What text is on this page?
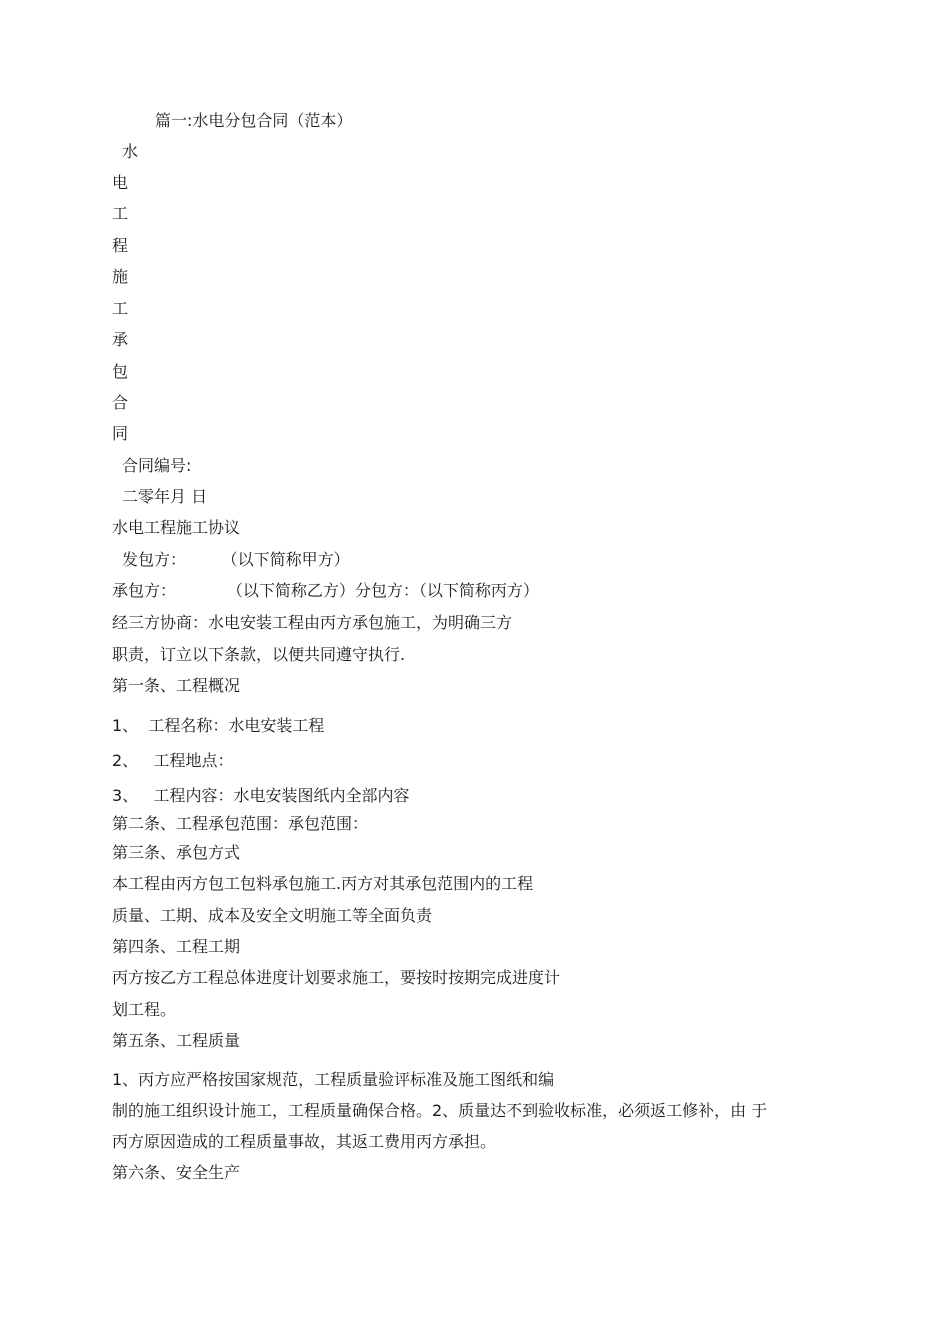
篇一:水电分包合同（范本）
水
电
工
程
施
工
承
包
合
同
合同编号:
二零年月 日
水电工程施工协议
发包方：       （以下简称甲方）
承包方：          （以下简称乙方）分包方：（以下简称丙方）
经三方协商：水电安装工程由丙方承包施工，为明确三方
职责，订立以下条款，以便共同遵守执行.
第一条、工程概况
1、  工程名称：水电安装工程
2、   工程地点：
3、   工程内容：水电安装图纸内全部内容
第二条、工程承包范围：承包范围：
第三条、承包方式
本工程由丙方包工包料承包施工.丙方对其承包范围内的工程
质量、工期、成本及安全文明施工等全面负责
第四条、工程工期
丙方按乙方工程总体进度计划要求施工，要按时按期完成进度计
划工程。
第五条、工程质量
1、丙方应严格按国家规范，工程质量验评标准及施工图纸和编
制的施工组织设计施工，工程质量确保合格。2、质量达不到验收标准，必须返工修补，由 于
丙方原因造成的工程质量事故，其返工费用丙方承担。
第六条、安全生产
